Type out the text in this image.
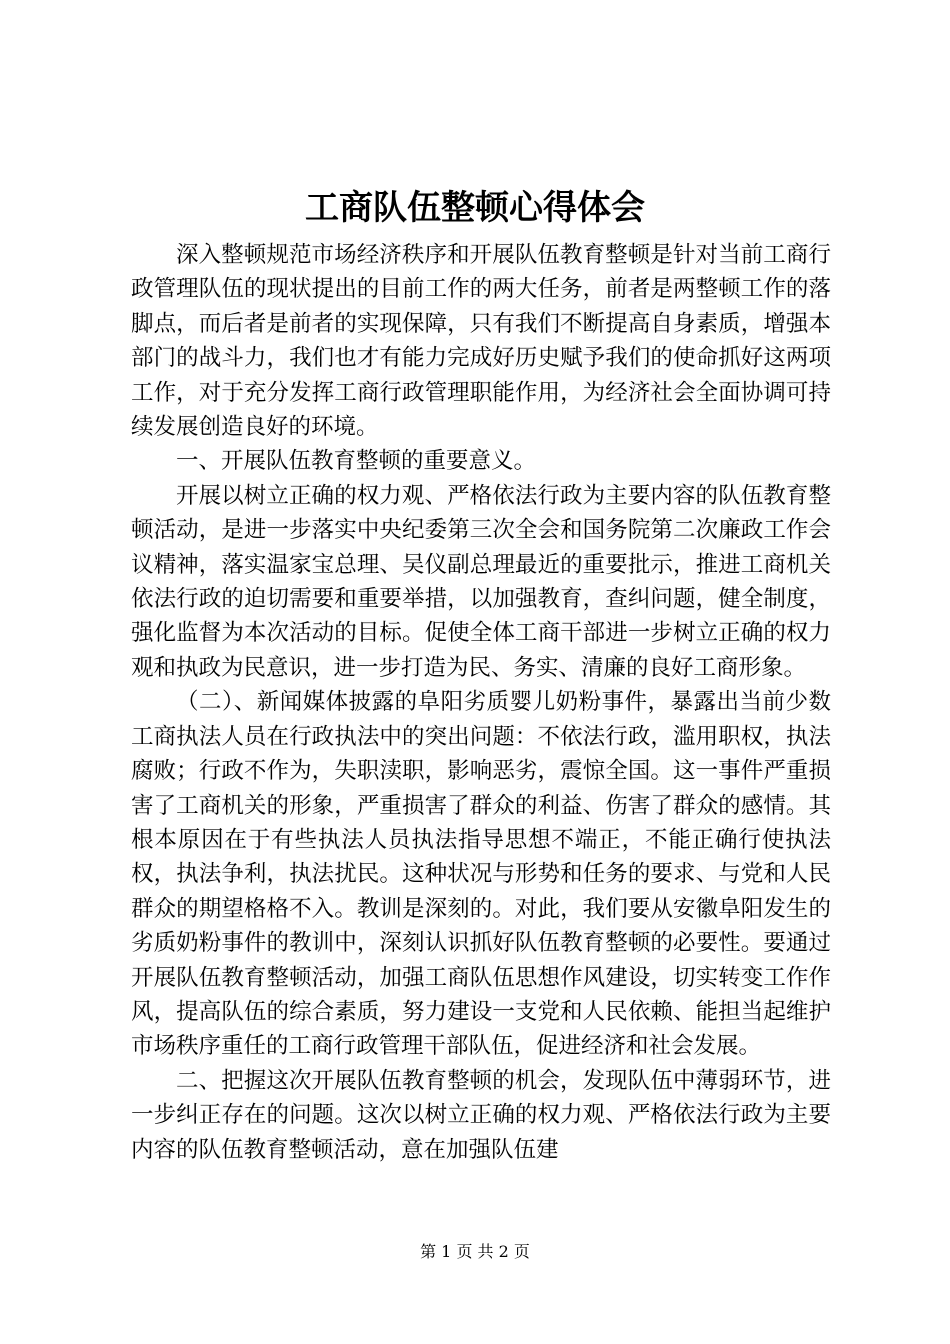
工商队伍整顿心得体会

深入整顿规范市场经济秩序和开展队伍教育整顿是针对当前工商行政管理队伍的现状提出的目前工作的两大任务，前者是两整顿工作的落脚点，而后者是前者的实现保障，只有我们不断提高自身素质，增强本部门的战斗力，我们也才有能力完成好历史赋予我们的使命抓好这两项工作，对于充分发挥工商行政管理职能作用，为经济社会全面协调可持续发展创造良好的环境。

一、开展队伍教育整顿的重要意义。

开展以树立正确的权力观、严格依法行政为主要内容的队伍教育整顿活动，是进一步落实中央纪委第三次全会和国务院第二次廉政工作会议精神，落实温家宝总理、吴仪副总理最近的重要批示，推进工商机关依法行政的迫切需要和重要举措，以加强教育，查纠问题，健全制度，强化监督为本次活动的目标。促使全体工商干部进一步树立正确的权力观和执政为民意识，进一步打造为民、务实、清廉的良好工商形象。

（二）、新闻媒体披露的阜阳劣质婴儿奶粉事件，暴露出当前少数工商执法人员在行政执法中的突出问题：不依法行政，滥用职权，执法腐败；行政不作为，失职渎职，影响恶劣，震惊全国。这一事件严重损害了工商机关的形象，严重损害了群众的利益、伤害了群众的感情。其根本原因在于有些执法人员执法指导思想不端正，不能正确行使执法权，执法争利，执法扰民。这种状况与形势和任务的要求、与党和人民群众的期望格格不入。教训是深刻的。对此，我们要从安徽阜阳发生的劣质奶粉事件的教训中，深刻认识抓好队伍教育整顿的必要性。要通过开展队伍教育整顿活动，加强工商队伍思想作风建设，切实转变工作作风，提高队伍的综合素质，努力建设一支党和人民依赖、能担当起维护市场秩序重任的工商行政管理干部队伍，促进经济和社会发展。

二、把握这次开展队伍教育整顿的机会，发现队伍中薄弱环节，进一步纠正存在的问题。这次以树立正确的权力观、严格依法行政为主要内容的队伍教育整顿活动，意在加强队伍建

第 1 页 共 2 页
